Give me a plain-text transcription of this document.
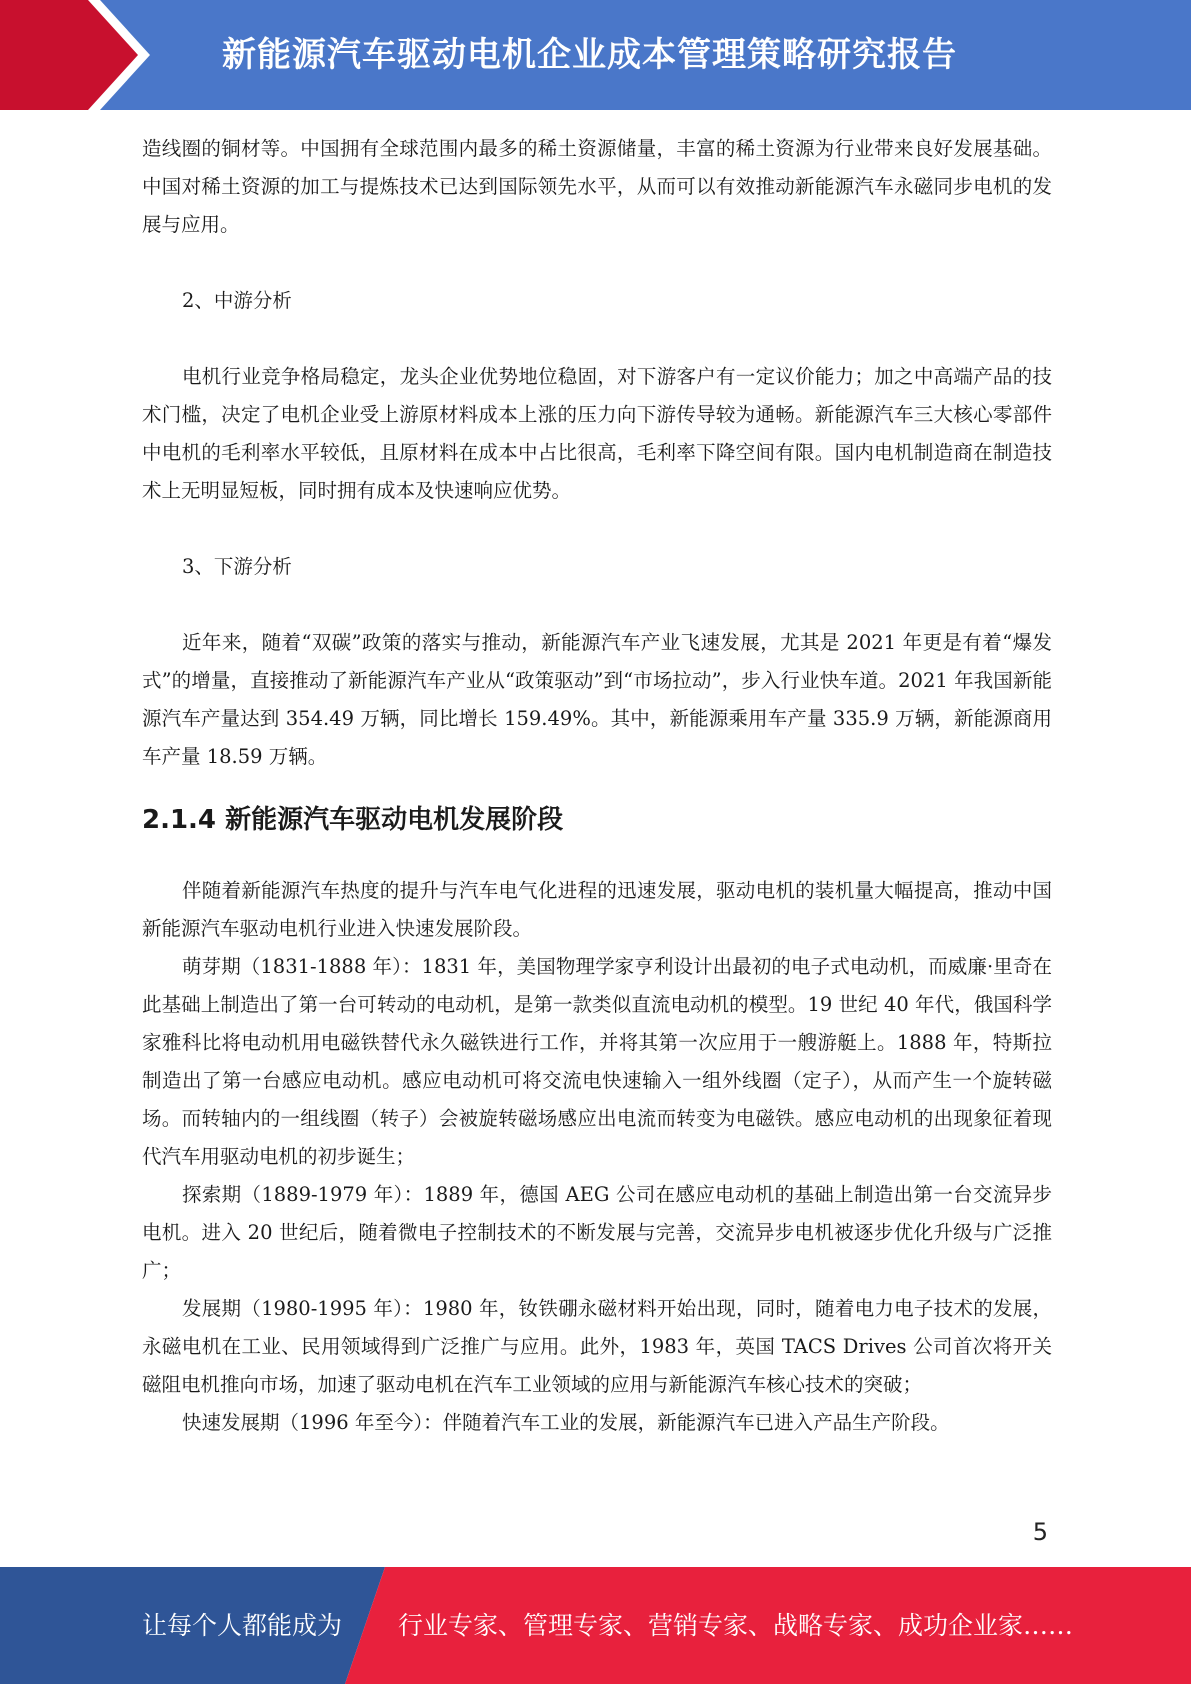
新能源汽车驱动电机企业成本管理策略研究报告

造线圈的铜材等。中国拥有全球范围内最多的稀土资源储量，丰富的稀土资源为行业带来良好发展基础。中国对稀土资源的加工与提炼技术已达到国际领先水平，从而可以有效推动新能源汽车永磁同步电机的发展与应用。

2、中游分析

电机行业竞争格局稳定，龙头企业优势地位稳固，对下游客户有一定议价能力；加之中高端产品的技术门槛，决定了电机企业受上游原材料成本上涨的压力向下游传导较为通畅。新能源汽车三大核心零部件中电机的毛利率水平较低，且原材料在成本中占比很高，毛利率下降空间有限。国内电机制造商在制造技术上无明显短板，同时拥有成本及快速响应优势。

3、下游分析

近年来，随着“双碳”政策的落实与推动，新能源汽车产业飞速发展，尤其是 2021 年更是有着“爆发式”的增量，直接推动了新能源汽车产业从“政策驱动”到“市场拉动”，步入行业快车道。2021 年我国新能源汽车产量达到 354.49 万辆，同比增长 159.49%。其中，新能源乘用车产量 335.9 万辆，新能源商用车产量 18.59 万辆。

2.1.4 新能源汽车驱动电机发展阶段

伴随着新能源汽车热度的提升与汽车电气化进程的迅速发展，驱动电机的装机量大幅提高，推动中国新能源汽车驱动电机行业进入快速发展阶段。

萌芽期（1831-1888 年）：1831 年，美国物理学家亨利设计出最初的电子式电动机，而威廉·里奇在此基础上制造出了第一台可转动的电动机，是第一款类似直流电动机的模型。19 世纪 40 年代，俄国科学家雅科比将电动机用电磁铁替代永久磁铁进行工作，并将其第一次应用于一艘游艇上。1888 年，特斯拉制造出了第一台感应电动机。感应电动机可将交流电快速输入一组外线圈（定子），从而产生一个旋转磁场。而转轴内的一组线圈（转子）会被旋转磁场感应出电流而转变为电磁铁。感应电动机的出现象征着现代汽车用驱动电机的初步诞生；

探索期（1889-1979 年）：1889 年，德国 AEG 公司在感应电动机的基础上制造出第一台交流异步电机。进入 20 世纪后，随着微电子控制技术的不断发展与完善，交流异步电机被逐步优化升级与广泛推广；

发展期（1980-1995 年）：1980 年，钕铁硼永磁材料开始出现，同时，随着电力电子技术的发展，永磁电机在工业、民用领域得到广泛推广与应用。此外，1983 年，英国 TACS Drives 公司首次将开关磁阻电机推向市场，加速了驱动电机在汽车工业领域的应用与新能源汽车核心技术的突破；

快速发展期（1996 年至今）：伴随着汽车工业的发展，新能源汽车已进入产品生产阶段。

5
让每个人都能成为 行业专家、管理专家、营销专家、战略专家、成功企业家……
